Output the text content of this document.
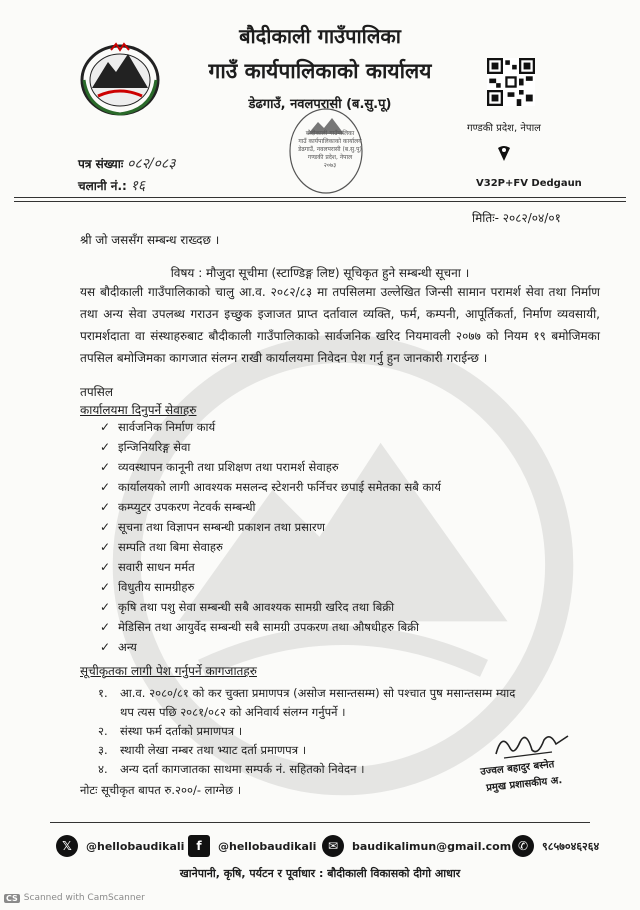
बौदीकाली गाउँपालिका
गाउँ कार्यपालिकाको कार्यालय
डेढगाउँ, नवलपरासी (ब.सु.पू)
गण्डकी प्रदेश, नेपाल
V32P+FV Dedgaun
बौदीकाली गाउँपालिका
गाउँ कार्यपालिकाको कार्यालय
डेढगाउँ, नवलपरासी (ब.सु.पू)
गण्डकी प्रदेश, नेपाल
२०७३
पत्र संख्याः ०८२/०८३
चलानी नं.: १६
मितिः- २०८२/०४/०१
श्री जो जससँग सम्बन्ध राख्दछ ।
विषय : मौजुदा सूचीमा (स्टाण्डिङ्ग लिष्ट) सूचिकृत हुने सम्बन्धी सूचना ।
यस बौदीकाली गाउँपालिकाको चालु आ.व. २०८२/८३ मा तपसिलमा उल्लेखित जिन्सी सामान परामर्श सेवा तथा निर्माण तथा अन्य सेवा उपलब्ध गराउन इच्छुक इजाजत प्राप्त दर्तावाल व्यक्ति, फर्म, कम्पनी, आपूर्तिकर्ता, निर्माण व्यवसायी, परामर्शदाता वा संस्थाहरुबाट बौदीकाली गाउँपालिकाको सार्वजनिक खरिद नियमावली २०७७ को नियम १९ बमोजिमका तपसिल बमोजिमका कागजात संलग्न राखी कार्यालयमा निवेदन पेश गर्नु हुन जानकारी गराईन्छ ।
तपसिल
कार्यालयमा दिनुपर्ने सेवाहरु
✓ सार्वजनिक निर्माण कार्य
✓ इन्जिनियरिङ्ग सेवा
✓ व्यवस्थापन कानूनी तथा प्रशिक्षण तथा परामर्श सेवाहरु
✓ कार्यालयको लागी आवश्यक मसलन्द स्टेशनरी फर्निचर छपाई समेतका सबै कार्य
✓ कम्प्युटर उपकरण नेटवर्क सम्बन्धी
✓ सूचना तथा विज्ञापन सम्बन्धी प्रकाशन तथा प्रसारण
✓ सम्पति तथा बिमा सेवाहरु
✓ सवारी साधन मर्मत
✓ विधुतीय सामग्रीहरु
✓ कृषि तथा पशु सेवा सम्बन्धी सबै आवश्यक सामग्री खरिद तथा बिक्री
✓ मेडिसिन तथा आयुर्वेद सम्बन्धी सबै सामग्री उपकरण तथा औषधीहरु बिक्री
✓ अन्य
सूचीकृतका लागी पेश गर्नुपर्ने कागजातहरु
१. आ.व. २०८०/८१ को कर चुक्ता प्रमाणपत्र (असोज मसान्तसम्म) सो पश्चात पुष मसान्तसम्म म्याद
थप त्यस पछि २०८१/०८२ को अनिवार्य संलग्न गर्नुपर्ने ।
२. संस्था फर्म दर्ताको प्रमाणपत्र ।
३. स्थायी लेखा नम्बर तथा भ्याट दर्ता प्रमाणपत्र ।
४. अन्य दर्ता कागजातका साथमा सम्पर्क नं. सहितको निवेदन ।
नोटः सूचीकृत बापत रु.२००/- लाग्नेछ ।
उज्वल बहादुर बस्नेत
प्रमुख प्रशासकीय अ.
𝕏	@hellobaudikali f	@hellobaudikali ✉	baudikalimun@gmail.com ✆	९८५७०४६२६४
खानेपानी, कृषि, पर्यटन र पूर्वाधार : बौदीकाली विकासको दीगो आधार
CS Scanned with CamScanner
